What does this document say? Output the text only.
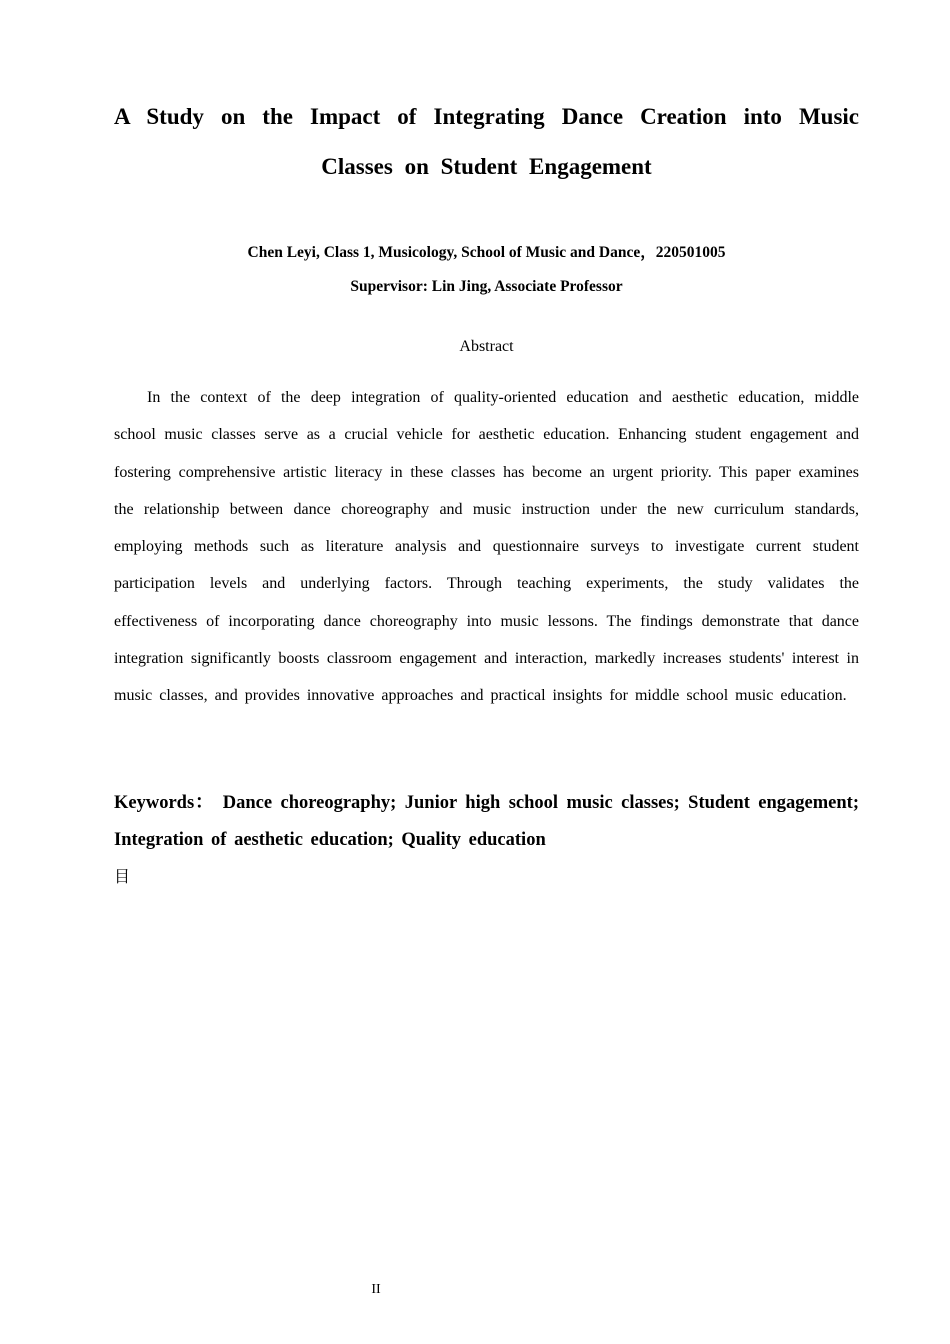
A Study on the Impact of Integrating Dance Creation into Music
Classes on Student Engagement
Chen Leyi, Class 1, Musicology, School of Music and Dance，220501005
Supervisor: Lin Jing, Associate Professor
Abstract

In the context of the deep integration of quality-oriented education and aesthetic education, middle school music classes serve as a crucial vehicle for aesthetic education. Enhancing student engagement and fostering comprehensive artistic literacy in these classes has become an urgent priority. This paper examines the relationship between dance choreography and music instruction under the new curriculum standards, employing methods such as literature analysis and questionnaire surveys to investigate current student participation levels and underlying factors. Through teaching experiments, the study validates the effectiveness of incorporating dance choreography into music lessons. The findings demonstrate that dance integration significantly boosts classroom engagement and interaction, markedly increases students' interest in music classes, and provides innovative approaches and practical insights for middle school music education.

Keywords： Dance choreography; Junior high school music classes; Student engagement; Integration of aesthetic education; Quality education

目
II
